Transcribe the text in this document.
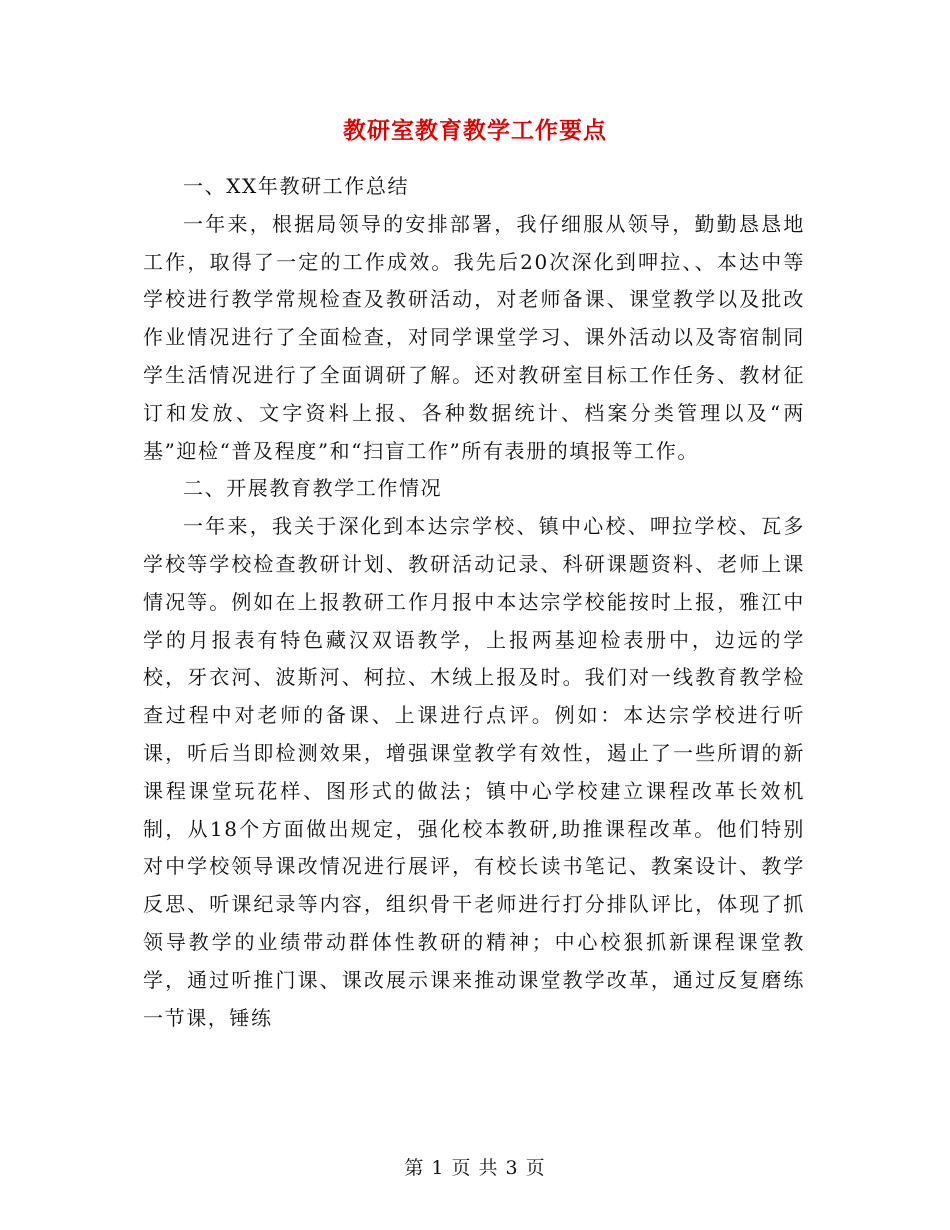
教研室教育教学工作要点

一、XX年教研工作总结

一年来，根据局领导的安排部署，我仔细服从领导，勤勤恳恳地工作，取得了一定的工作成效。我先后20次深化到呷拉、、本达中等学校进行教学常规检查及教研活动，对老师备课、课堂教学以及批改作业情况进行了全面检查，对同学课堂学习、课外活动以及寄宿制同学生活情况进行了全面调研了解。还对教研室目标工作任务、教材征订和发放、文字资料上报、各种数据统计、档案分类管理以及“两基”迎检“普及程度”和“扫盲工作”所有表册的填报等工作。

二、开展教育教学工作情况

一年来，我关于深化到本达宗学校、镇中心校、呷拉学校、瓦多学校等学校检查教研计划、教研活动记录、科研课题资料、老师上课情况等。例如在上报教研工作月报中本达宗学校能按时上报，雅江中学的月报表有特色藏汉双语教学，上报两基迎检表册中，边远的学校，牙衣河、波斯河、柯拉、木绒上报及时。我们对一线教育教学检查过程中对老师的备课、上课进行点评。例如：本达宗学校进行听课，听后当即检测效果，增强课堂教学有效性，遏止了一些所谓的新课程课堂玩花样、图形式的做法；镇中心学校建立课程改革长效机制，从18个方面做出规定，强化校本教研,助推课程改革。他们特别对中学校领导课改情况进行展评，有校长读书笔记、教案设计、教学反思、听课纪录等内容，组织骨干老师进行打分排队评比，体现了抓领导教学的业绩带动群体性教研的精神；中心校狠抓新课程课堂教学，通过听推门课、课改展示课来推动课堂教学改革，通过反复磨练一节课，锤练

第 1 页 共 3 页
